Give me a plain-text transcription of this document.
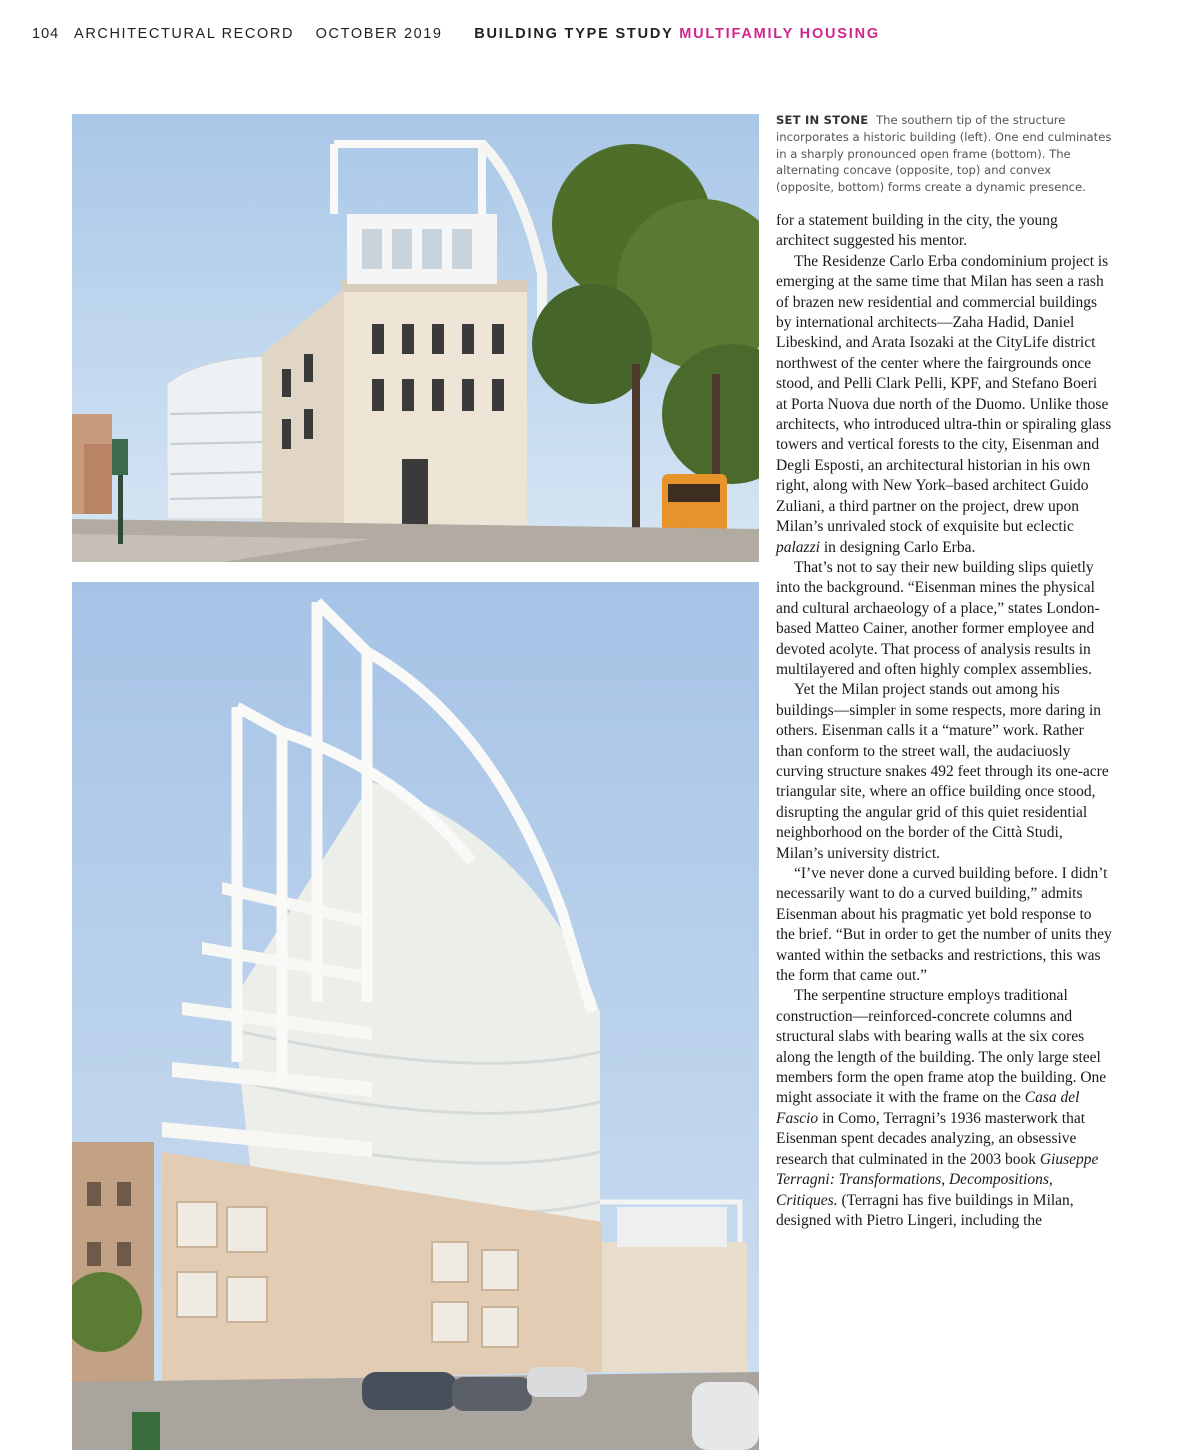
104 ARCHITECTURAL RECORD OCTOBER 2019 BUILDING TYPE STUDY MULTIFAMILY HOUSING
SET IN STONE The southern tip of the structure incorporates a historic building (left). One end culminates in a sharply pronounced open frame (bottom). The alternating concave (opposite, top) and convex (opposite, bottom) forms create a dynamic presence.

for a statement building in the city, the young architect suggested his mentor.

The Residenze Carlo Erba condominium project is emerging at the same time that Milan has seen a rash of brazen new residential and commercial buildings by international architects—Zaha Hadid, Daniel Libeskind, and Arata Isozaki at the CityLife district northwest of the center where the fairgrounds once stood, and Pelli Clark Pelli, KPF, and Stefano Boeri at Porta Nuova due north of the Duomo. Unlike those architects, who introduced ultra-thin or spiraling glass towers and vertical forests to the city, Eisenman and Degli Esposti, an architectural historian in his own right, along with New York–based architect Guido Zuliani, a third partner on the project, drew upon Milan’s unrivaled stock of exquisite but eclectic palazzi in designing Carlo Erba.

That’s not to say their new building slips quietly into the background. “Eisenman mines the physical and cultural archaeology of a place,” states London-based Matteo Cainer, another former employee and devoted acolyte. That process of analysis results in multilayered and often highly complex assemblies.

Yet the Milan project stands out among his buildings—simpler in some respects, more daring in others. Eisenman calls it a “mature” work. Rather than conform to the street wall, the audaciuosly curving structure snakes 492 feet through its one-acre triangular site, where an office building once stood, disrupting the angular grid of this quiet residential neighborhood on the border of the Città Studi, Milan’s university district.

“I’ve never done a curved building before. I didn’t necessarily want to do a curved building,” admits Eisenman about his pragmatic yet bold response to the brief. “But in order to get the number of units they wanted within the setbacks and restrictions, this was the form that came out.”

The serpentine structure employs traditional construction—reinforced-concrete columns and structural slabs with bearing walls at the six cores along the length of the building. The only large steel members form the open frame atop the building. One might associate it with the frame on the Casa del Fascio in Como, Terragni’s 1936 masterwork that Eisenman spent decades analyzing, an obsessive research that culminated in the 2003 book Giuseppe Terragni: Transformations, Decompositions, Critiques. (Terragni has five buildings in Milan, designed with Pietro Lingeri, including the
